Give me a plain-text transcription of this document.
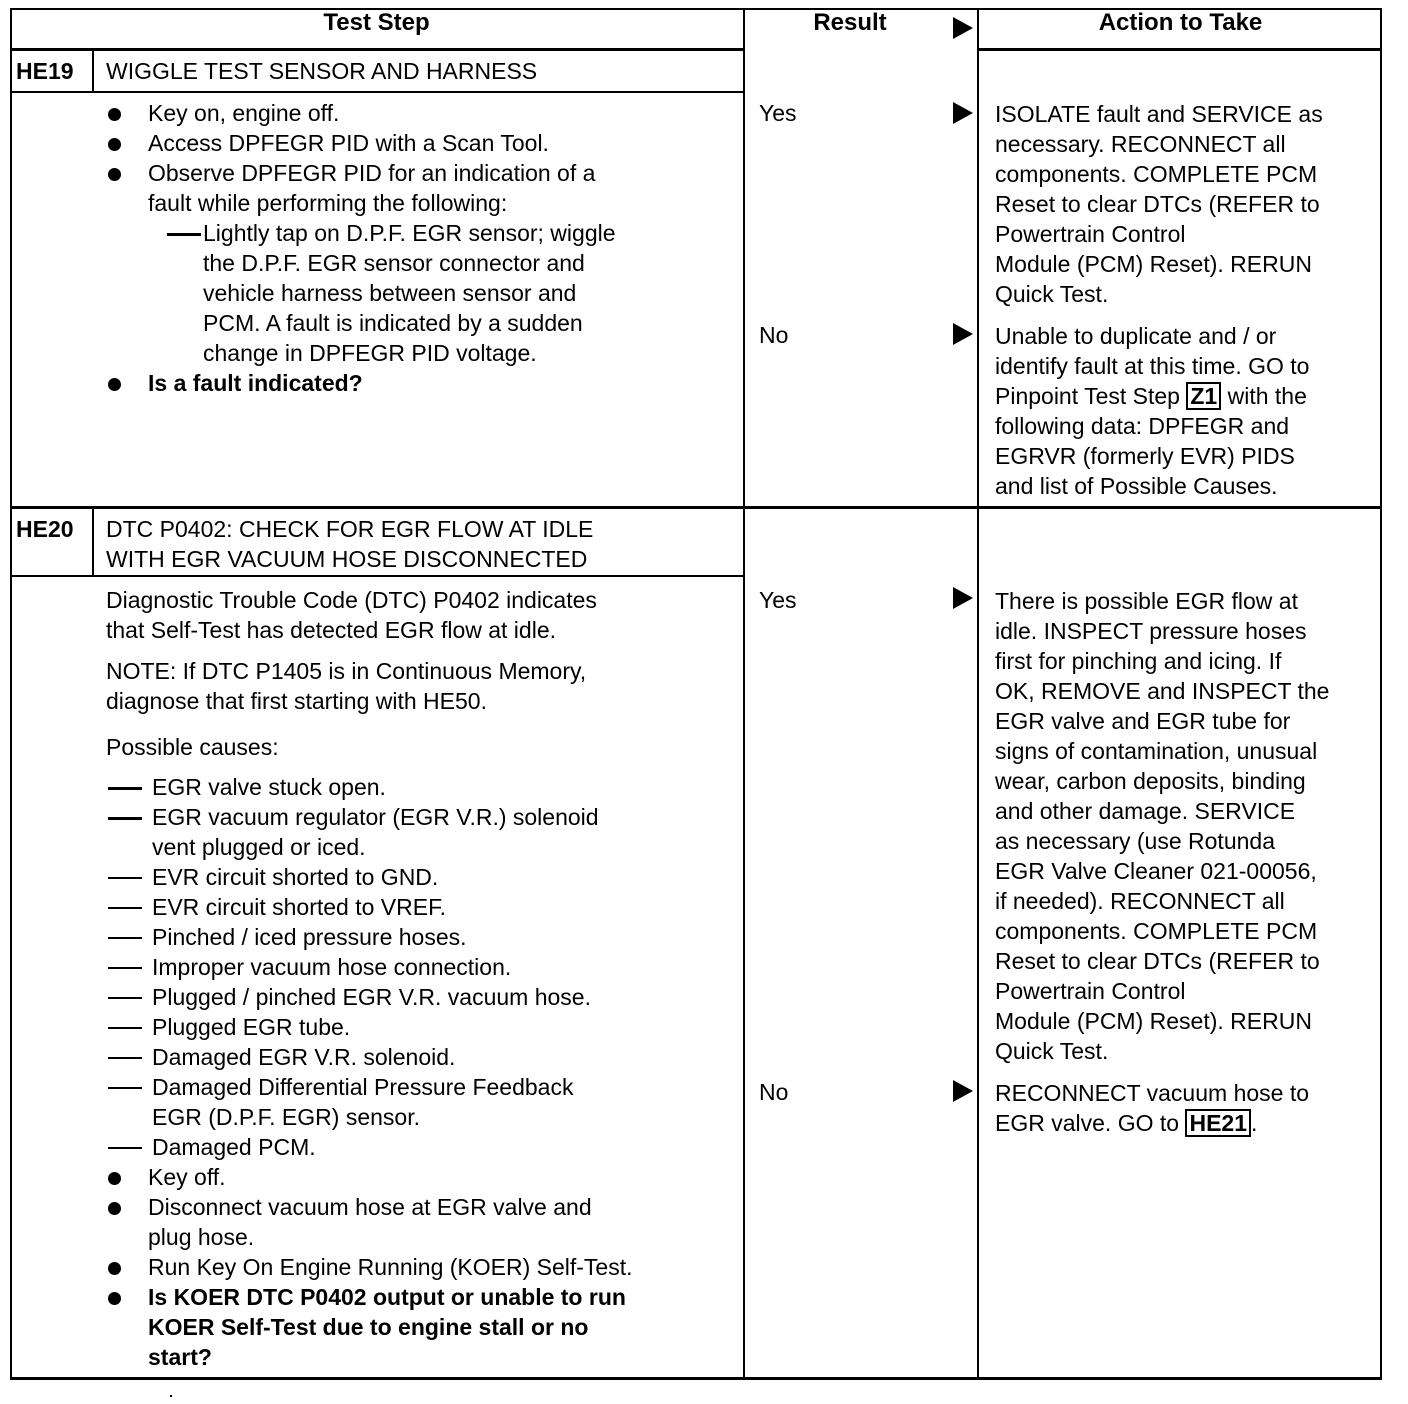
Test Step	Result	Action to Take
HE19 WIGGLE TEST SENSOR AND HARNESS
Key on, engine off.
Access DPFEGR PID with a Scan Tool.
Observe DPFEGR PID for an indication of a
fault while performing the following:
Lightly tap on D.P.F. EGR sensor; wiggle
the D.P.F. EGR sensor connector and
vehicle harness between sensor and
PCM. A fault is indicated by a sudden
change in DPFEGR PID voltage.
Is a fault indicated?
Yes	ISOLATE fault and SERVICE as
necessary. RECONNECT all
components. COMPLETE PCM
Reset to clear DTCs (REFER to
Powertrain Control
Module (PCM) Reset). RERUN
Quick Test.
No	Unable to duplicate and / or
identify fault at this time. GO to
Pinpoint Test Step Z1 with the
following data: DPFEGR and
EGRVR (formerly EVR) PIDS
and list of Possible Causes.
HE20 DTC P0402: CHECK FOR EGR FLOW AT IDLE
WITH EGR VACUUM HOSE DISCONNECTED
Diagnostic Trouble Code (DTC) P0402 indicates
that Self-Test has detected EGR flow at idle.
NOTE: If DTC P1405 is in Continuous Memory,
diagnose that first starting with HE50.
Possible causes:
EGR valve stuck open.
EGR vacuum regulator (EGR V.R.) solenoid
vent plugged or iced.
EVR circuit shorted to GND.
EVR circuit shorted to VREF.
Pinched / iced pressure hoses.
Improper vacuum hose connection.
Plugged / pinched EGR V.R. vacuum hose.
Plugged EGR tube.
Damaged EGR V.R. solenoid.
Damaged Differential Pressure Feedback
EGR (D.P.F. EGR) sensor.
Damaged PCM.
Key off.
Disconnect vacuum hose at EGR valve and
plug hose.
Run Key On Engine Running (KOER) Self-Test.
Is KOER DTC P0402 output or unable to run
KOER Self-Test due to engine stall or no
start?
Yes	There is possible EGR flow at
idle. INSPECT pressure hoses
first for pinching and icing. If
OK, REMOVE and INSPECT the
EGR valve and EGR tube for
signs of contamination, unusual
wear, carbon deposits, binding
and other damage. SERVICE
as necessary (use Rotunda
EGR Valve Cleaner 021-00056,
if needed). RECONNECT all
components. COMPLETE PCM
Reset to clear DTCs (REFER to
Powertrain Control
Module (PCM) Reset). RERUN
Quick Test.
No	RECONNECT vacuum hose to
EGR valve. GO to HE21 .
